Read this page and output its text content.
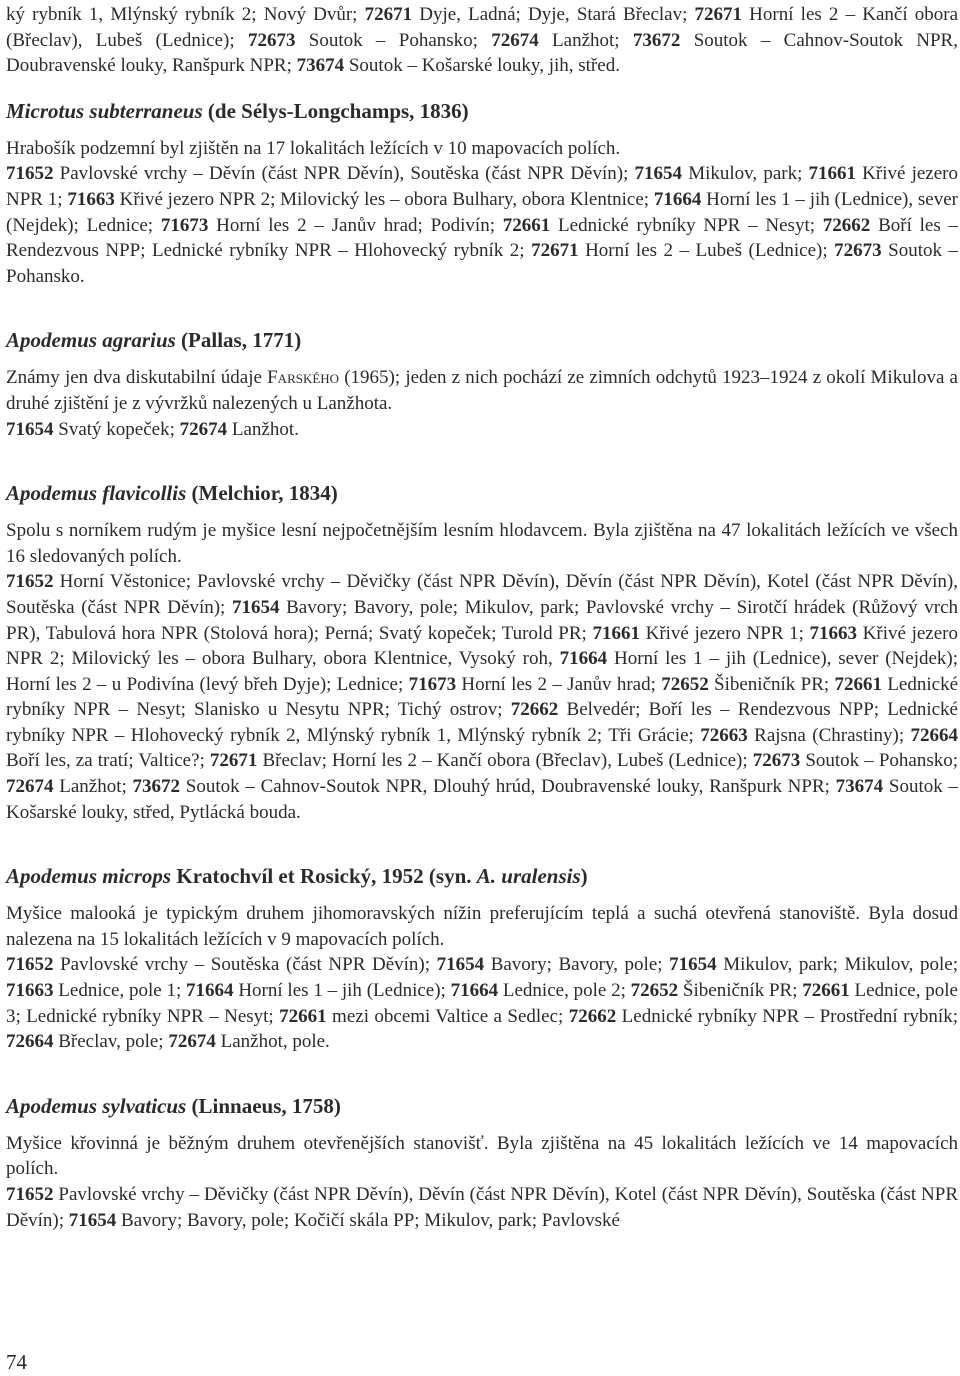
ký rybník 1, Mlýnský rybník 2; Nový Dvůr; 72671 Dyje, Ladná; Dyje, Stará Břeclav; 72671 Horní les 2 – Kančí obora (Břeclav), Lubeš (Lednice); 72673 Soutok – Pohansko; 72674 Lanžhot; 73672 Soutok – Cahnov-Soutok NPR, Doubravenské louky, Ranšpurk NPR; 73674 Soutok – Košarské louky, jih, střed.

Microtus subterraneus (de Sélys-Longchamps, 1836)

Hrabošík podzemní byl zjištěn na 17 lokalitách ležících v 10 mapovacích polích.

71652 Pavlovské vrchy – Děvín (část NPR Děvín), Soutěska (část NPR Děvín); 71654 Mikulov, park; 71661 Křivé jezero NPR 1; 71663 Křivé jezero NPR 2; Milovický les – obora Bulhary, obora Klentnice; 71664 Horní les 1 – jih (Lednice), sever (Nejdek); Lednice; 71673 Horní les 2 – Janův hrad; Podivín; 72661 Lednické rybníky NPR – Nesyt; 72662 Boří les – Rendezvous NPP; Lednické rybníky NPR – Hlohovecký rybník 2; 72671 Horní les 2 – Lubeš (Lednice); 72673 Soutok – Pohansko.

Apodemus agrarius (Pallas, 1771)

Známy jen dva diskutabilní údaje Farského (1965); jeden z nich pochází ze zimních odchytů 1923–1924 z okolí Mikulova a druhé zjištění je z vývržků nalezených u Lanžhota.

71654 Svatý kopeček; 72674 Lanžhot.

Apodemus flavicollis (Melchior, 1834)

Spolu s norníkem rudým je myšice lesní nejpočetnějším lesním hlodavcem. Byla zjištěna na 47 lokalitách ležících ve všech 16 sledovaných polích.

71652 Horní Věstonice; Pavlovské vrchy – Děvičky (část NPR Děvín), Děvín (část NPR Děvín), Kotel (část NPR Děvín), Soutěska (část NPR Děvín); 71654 Bavory; Bavory, pole; Mikulov, park; Pavlovské vrchy – Sirotčí hrádek (Růžový vrch PR), Tabulová hora NPR (Stolová hora); Perná; Svatý kopeček; Turold PR; 71661 Křivé jezero NPR 1; 71663 Křivé jezero NPR 2; Milovický les – obora Bulhary, obora Klentnice, Vysoký roh, 71664 Horní les 1 – jih (Lednice), sever (Nejdek); Horní les 2 – u Podivína (levý břeh Dyje); Lednice; 71673 Horní les 2 – Janův hrad; 72652 Šibeničník PR; 72661 Lednické rybníky NPR – Nesyt; Slanisko u Nesytu NPR; Tichý ostrov; 72662 Belvedér; Boří les – Rendezvous NPP; Lednické rybníky NPR – Hlohovecký rybník 2, Mlýnský rybník 1, Mlýnský rybník 2; Tři Grácie; 72663 Rajsna (Chrastiny); 72664 Boří les, za tratí; Valtice?; 72671 Břeclav; Horní les 2 – Kančí obora (Břeclav), Lubeš (Lednice); 72673 Soutok – Pohansko; 72674 Lanžhot; 73672 Soutok – Cahnov-Soutok NPR, Dlouhý hrúd, Doubravenské louky, Ranšpurk NPR; 73674 Soutok – Košarské louky, střed, Pytlácká bouda.

Apodemus microps Kratochvíl et Rosický, 1952 (syn. A. uralensis)

Myšice malooká je typickým druhem jihomoravských nížin preferujícím teplá a suchá otevřená stanoviště. Byla dosud nalezena na 15 lokalitách ležících v 9 mapovacích polích.

71652 Pavlovské vrchy – Soutěska (část NPR Děvín); 71654 Bavory; Bavory, pole; 71654 Mikulov, park; Mikulov, pole; 71663 Lednice, pole 1; 71664 Horní les 1 – jih (Lednice); 71664 Lednice, pole 2; 72652 Šibeničník PR; 72661 Lednice, pole 3; Lednické rybníky NPR – Nesyt; 72661 mezi obcemi Valtice a Sedlec; 72662 Lednické rybníky NPR – Prostřední rybník; 72664 Břeclav, pole; 72674 Lanžhot, pole.

Apodemus sylvaticus (Linnaeus, 1758)

Myšice křovinná je běžným druhem otevřenějších stanovišť. Byla zjištěna na 45 lokalitách ležících ve 14 mapovacích polích.

71652 Pavlovské vrchy – Děvičky (část NPR Děvín), Děvín (část NPR Děvín), Kotel (část NPR Děvín), Soutěska (část NPR Děvín); 71654 Bavory; Bavory, pole; Kočičí skála PP; Mikulov, park; Pavlovské

74
